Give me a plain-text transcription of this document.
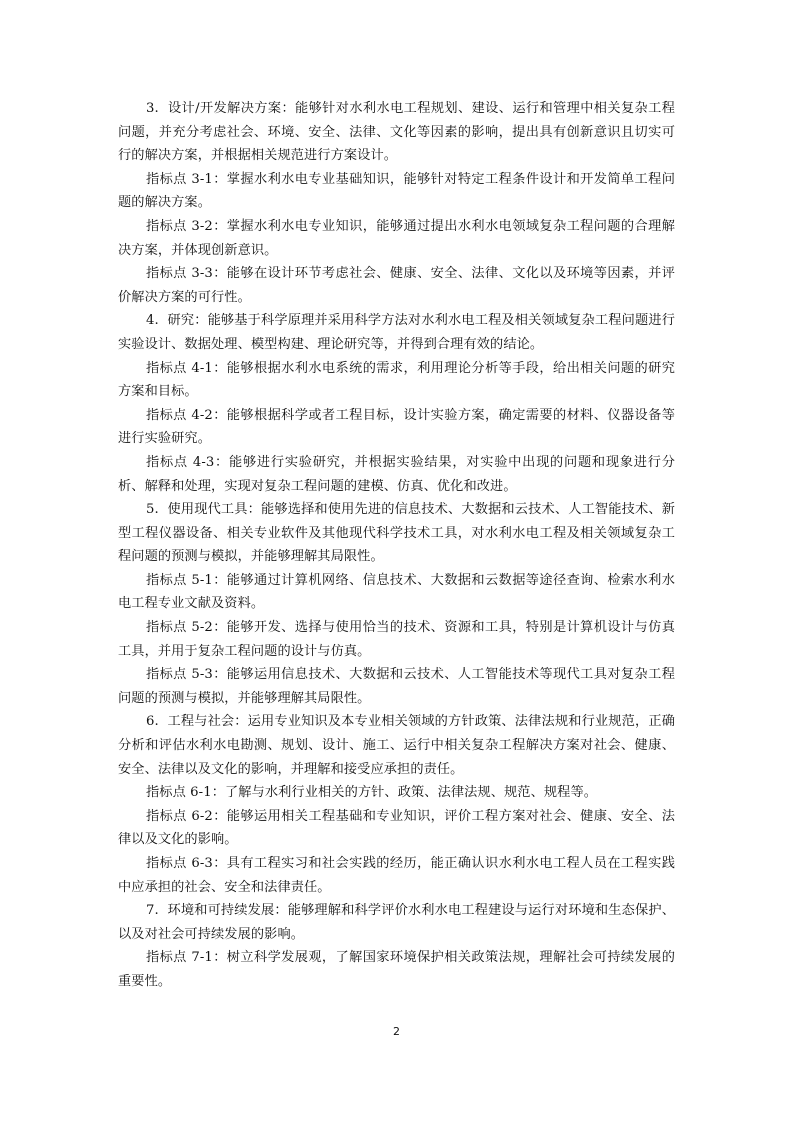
3.  设计/开发解决方案：能够针对水利水电工程规划、建设、运行和管理中相关复杂工程问题，并充分考虑社会、环境、安全、法律、文化等因素的影响，提出具有创新意识且切实可行的解决方案，并根据相关规范进行方案设计。

指标点 3-1：掌握水利水电专业基础知识，能够针对特定工程条件设计和开发简单工程问题的解决方案。

指标点 3-2：掌握水利水电专业知识，能够通过提出水利水电领域复杂工程问题的合理解决方案，并体现创新意识。

指标点 3-3：能够在设计环节考虑社会、健康、安全、法律、文化以及环境等因素，并评价解决方案的可行性。

4.  研究：能够基于科学原理并采用科学方法对水利水电工程及相关领域复杂工程问题进行实验设计、数据处理、模型构建、理论研究等，并得到合理有效的结论。

指标点 4-1：能够根据水利水电系统的需求，利用理论分析等手段，给出相关问题的研究方案和目标。

指标点 4-2：能够根据科学或者工程目标，设计实验方案，确定需要的材料、仪器设备等进行实验研究。

指标点 4-3：能够进行实验研究，并根据实验结果，对实验中出现的问题和现象进行分析、解释和处理，实现对复杂工程问题的建模、仿真、优化和改进。

5.  使用现代工具：能够选择和使用先进的信息技术、大数据和云技术、人工智能技术、新型工程仪器设备、相关专业软件及其他现代科学技术工具，对水利水电工程及相关领域复杂工程问题的预测与模拟，并能够理解其局限性。

指标点 5-1：能够通过计算机网络、信息技术、大数据和云数据等途径查询、检索水利水电工程专业文献及资料。

指标点 5-2：能够开发、选择与使用恰当的技术、资源和工具，特别是计算机设计与仿真工具，并用于复杂工程问题的设计与仿真。

指标点 5-3：能够运用信息技术、大数据和云技术、人工智能技术等现代工具对复杂工程问题的预测与模拟，并能够理解其局限性。

6.  工程与社会：运用专业知识及本专业相关领域的方针政策、法律法规和行业规范，正确分析和评估水利水电勘测、规划、设计、施工、运行中相关复杂工程解决方案对社会、健康、安全、法律以及文化的影响，并理解和接受应承担的责任。

指标点 6-1：了解与水利行业相关的方针、政策、法律法规、规范、规程等。

指标点 6-2：能够运用相关工程基础和专业知识，评价工程方案对社会、健康、安全、法律以及文化的影响。

指标点 6-3：具有工程实习和社会实践的经历，能正确认识水利水电工程人员在工程实践中应承担的社会、安全和法律责任。

7.  环境和可持续发展：能够理解和科学评价水利水电工程建设与运行对环境和生态保护、以及对社会可持续发展的影响。

指标点 7-1：树立科学发展观，了解国家环境保护相关政策法规，理解社会可持续发展的重要性。

2
